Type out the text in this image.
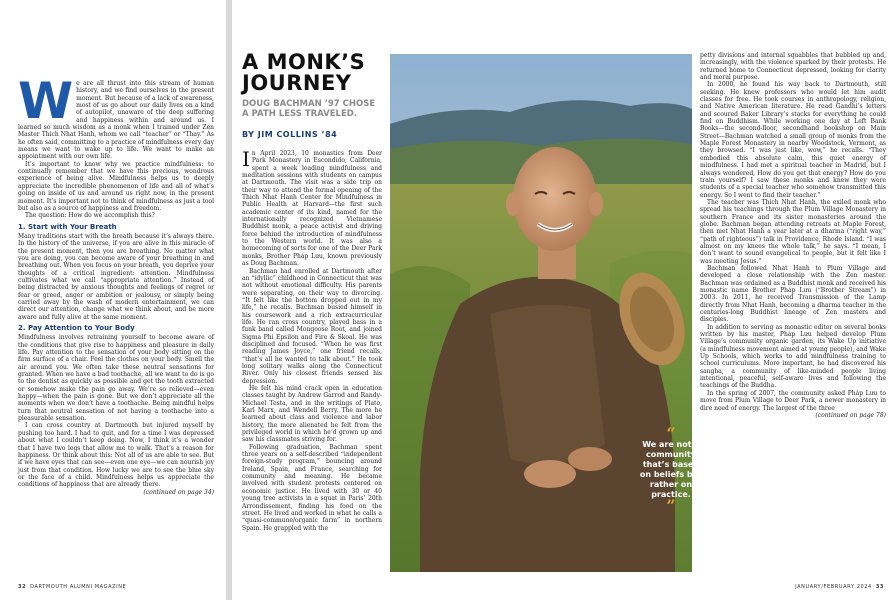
W e are all thrust into this stream of human history, and we find ourselves in the present moment. But because of a lack of awareness, most of us go about our daily lives on a kind of autopilot, unaware of the deep suffering and happiness within and around us. I learned so much wisdom as a monk when I trained under Zen Master Thich Nhat Hanh, whom we call “teacher” or “Thay.” As he often said, committing to a practice of mindfulness every day means we want to wake up to life. We want to make an appointment with our own life.

It’s important to know why we practice mindfulness: to continually remember that we have this precious, wondrous experience of being alive. Mindfulness helps us to deeply appreciate the incredible phenomenon of life and all of what’s going on inside of us and around us right now, in the present moment. It’s important not to think of mindfulness as just a tool but also as a source of happiness and freedom.

The question: How do we accomplish this?

1. Start with Your Breath

Many traditions start with the breath because it’s always there. In the history of the universe, if you are alive in this miracle of the present moment, then you are breathing. No matter what you are doing, you can become aware of your breathing in and breathing out. When you focus on your breath, you deprive your thoughts of a critical ingredient: attention. Mindfulness cultivates what we call “appropriate attention.” Instead of being distracted by anxious thoughts and feelings of regret or fear or greed, anger or ambition or jealousy, or simply being carried away by the wash of modern entertainment, we can direct our attention, change what we think about, and be more aware and fully alive at the same moment.

2. Pay Attention to Your Body

Mindfulness involves retraining yourself to become aware of the conditions that give rise to happiness and pleasure in daily life. Pay attention to the sensation of your body sitting on the firm surface of a chair. Feel the clothes on your body. Smell the air around you. We often take these neutral sensations for granted. When we have a bad toothache, all we want to do is go to the dentist as quickly as possible and get the tooth extracted or somehow make the pain go away. We’re so relieved—even happy—when the pain is gone. But we don’t appreciate all the moments when we don’t have a toothache. Being mindful helps turn that neutral sensation of not having a toothache into a pleasurable sensation.

I can cross country at Dartmouth but injured myself by pushing too hard. I had to quit, and for a time I was depressed about what I couldn’t keep doing. Now, I think it’s a wonder that I have two legs that allow me to walk. That’s a reason for happiness. Or think about this: Not all of us are able to see. But if we have eyes that can see—even one eye—we can nourish joy just from that condition. How lucky we are to see the blue sky or the face of a child. Mindfulness helps us appreciate the conditions of happiness that are already there.

(continued on page 34)

32 DARTMOUTH ALUMNI MAGAZINE
A MONK’S JOURNEY
DOUG BACHMAN ’97 CHOSE A PATH LESS TRAVELED.
BY JIM COLLINS ’84
I n April 2023, 10 monastics from Deer Park Monastery in Escondido, California, spent a week leading mindfulness and meditation sessions with students on campus at Dartmouth. The visit was a side trip on their way to attend the formal opening of the Thich Nhat Hanh Center for Mindfulness in Public Health at Harvard—the first such academic center of its kind, named for the internationally recognized Vietnamese Buddhist monk, a peace activist and driving force behind the introduction of mindfulness to the Western world. It was also a homecoming of sorts for one of the Deer Park monks, Brother Pháp Lưu, known previously as Doug Bachman.

Bachman had enrolled at Dartmouth after an “idyllic” childhood in Connecticut that was not without emotional difficulty. His parents were separating, on their way to divorcing. “It felt like the bottom dropped out in my life,” he recalls. Bachman busied himself in his coursework and a rich extracurricular life. He ran cross country, played bass in a funk band called Mongoose Root, and joined Sigma Phi Epsilon and Fire & Skoal. He was disciplined and focused. “When he was first reading James Joyce,” one friend recalls, “that’s all he wanted to talk about.” He took long solitary walks along the Connecticut River. Only his closest friends sensed his depression.

He felt his mind crack open in education classes taught by Andrew Garrod and Randy-Michael Testa, and in the writings of Plato, Karl Marx, and Wendell Berry. The more he learned about class and violence and labor history, the more alienated he felt from the privileged world in which he’d grown up and saw his classmates striving for.

Following graduation, Bachman spent three years on a self-described “independent foreign-study program,” bouncing around Ireland, Spain, and France, searching for community and meaning. He became involved with student protests centered on economic justice. He lived with 30 or 40 young tree activists in a squat in Paris’ 20th Arrondissement, finding his food on the street. He lived and worked in what he calls a “quasi-commune/organic farm” in northern Spain. He grappled with the

“
We are not a community that’s based on beliefs but rather on practice.
”

petty divisions and internal squabbles that bubbled up and, increasingly, with the violence sparked by their protests. He returned home to Connecticut depressed, looking for clarity and moral purpose.

In 2000, he found his way back to Dartmouth, still seeking. He knew professors who would let him audit classes for free. He took courses in anthropology, religion, and Native American literature. He read Gandhi’s letters and scoured Baker Library’s stacks for everything he could find on Buddhism. While working one day at Left Bank Books—the second-floor, secondhand bookshop on Main Street—Bachman watched a small group of monks from the Maple Forest Monastery in nearby Woodstock, Vermont, as they browsed. “I was just like, wow,” he recalls. “They embodied this absolute calm, this quiet energy of mindfulness. I had met a spiritual teacher in Madrid, but I always wondered, How do you get that energy? How do you train yourself? I saw these monks and knew they were students of a special teacher who somehow transmitted this energy. So I went to find their teacher.”

The teacher was Thich Nhat Hanh, the exiled monk who spread his teachings through the Plum Village Monastery in southern France and its sister monasteries around the globe. Bachman began attending retreats at Maple Forest, then met Nhat Hanh a year later at a dharma (“right way,” “path of righteous”) talk in Providence, Rhode Island. “I was almost on my knees the whole talk,” he says. “I mean, I don’t want to sound evangelical to people, but it felt like I was meeting Jesus.”

Bachman followed Nhat Hanh to Plum Village and developed a close relationship with the Zen master. Bachman was ordained as a Buddhist monk and received his monastic name Brother Pháp Lưu (“Brother Stream”) in 2003. In 2011, he received Transmission of the Lamp directly from Nhat Hanh, becoming a dharma teacher in the centuries-long Buddhist lineage of Zen masters and disciples.

In addition to serving as monastic editor on several books written by his master, Pháp Lưu helped develop Plum Village’s community organic garden, its Wake Up initiative (a mindfulness movement aimed at young people), and Wake Up Schools, which works to add mindfulness training to school curriculums. More important, he had discovered his sangha, a community of like-minded people living intentional, peaceful, self-aware lives and following the teachings of the Buddha.

In the spring of 2007, the community asked Pháp Lưu to move from Plum Village to Deer Park, a newer monastery in dire need of energy. The largest of the three

(continued on page 78)

JANUARY/FEBRUARY 2024 33
